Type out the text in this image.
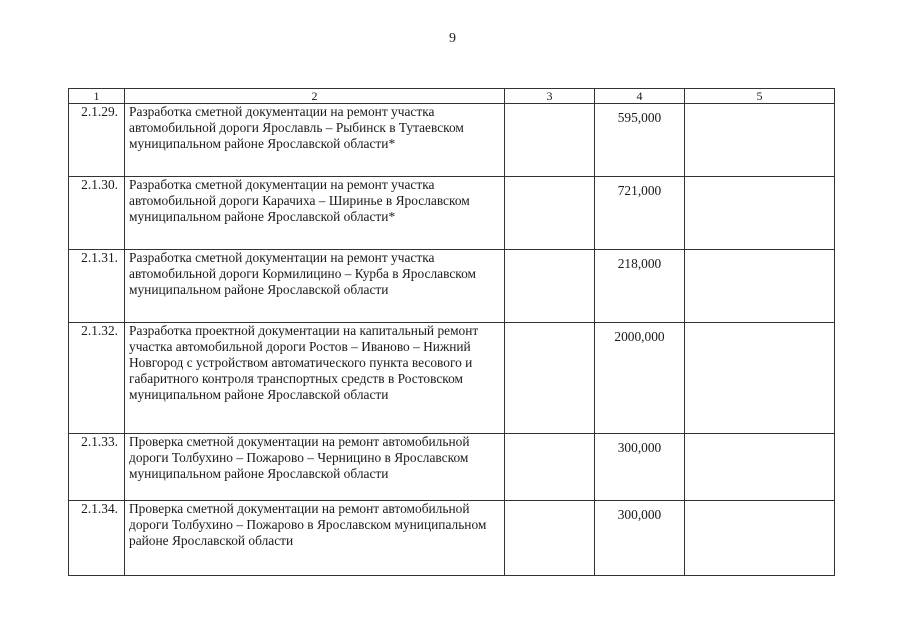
9
1	2	3	4	5
2.1.29.	Разработка сметной документации на ремонт участка автомобильной дороги Ярославль – Рыбинск в Тутаевском муниципальном районе Ярославской области*		595,000	
2.1.30.	Разработка сметной документации на ремонт участка автомобильной дороги Карачиха – Ширинье в Ярославском муниципальном районе Ярославской области*		721,000	
2.1.31.	Разработка сметной документации на ремонт участка автомобильной дороги Кормилицино – Курба в Ярославском муниципальном районе Ярославской области		218,000	
2.1.32.	Разработка проектной документации на капитальный ремонт участка автомобильной дороги Ростов – Иваново – Нижний Новгород с устройством автоматического пункта весового и габаритного контроля транспортных средств в Ростовском муниципальном районе Ярославской области		2000,000	
2.1.33.	Проверка сметной документации на ремонт автомобильной дороги Толбухино – Пожарово – Черницино в Ярославском муниципальном районе Ярославской области		300,000	
2.1.34.	Проверка сметной документации на ремонт автомобильной дороги Толбухино – Пожарово в Ярославском муниципальном районе Ярославской области		300,000	
